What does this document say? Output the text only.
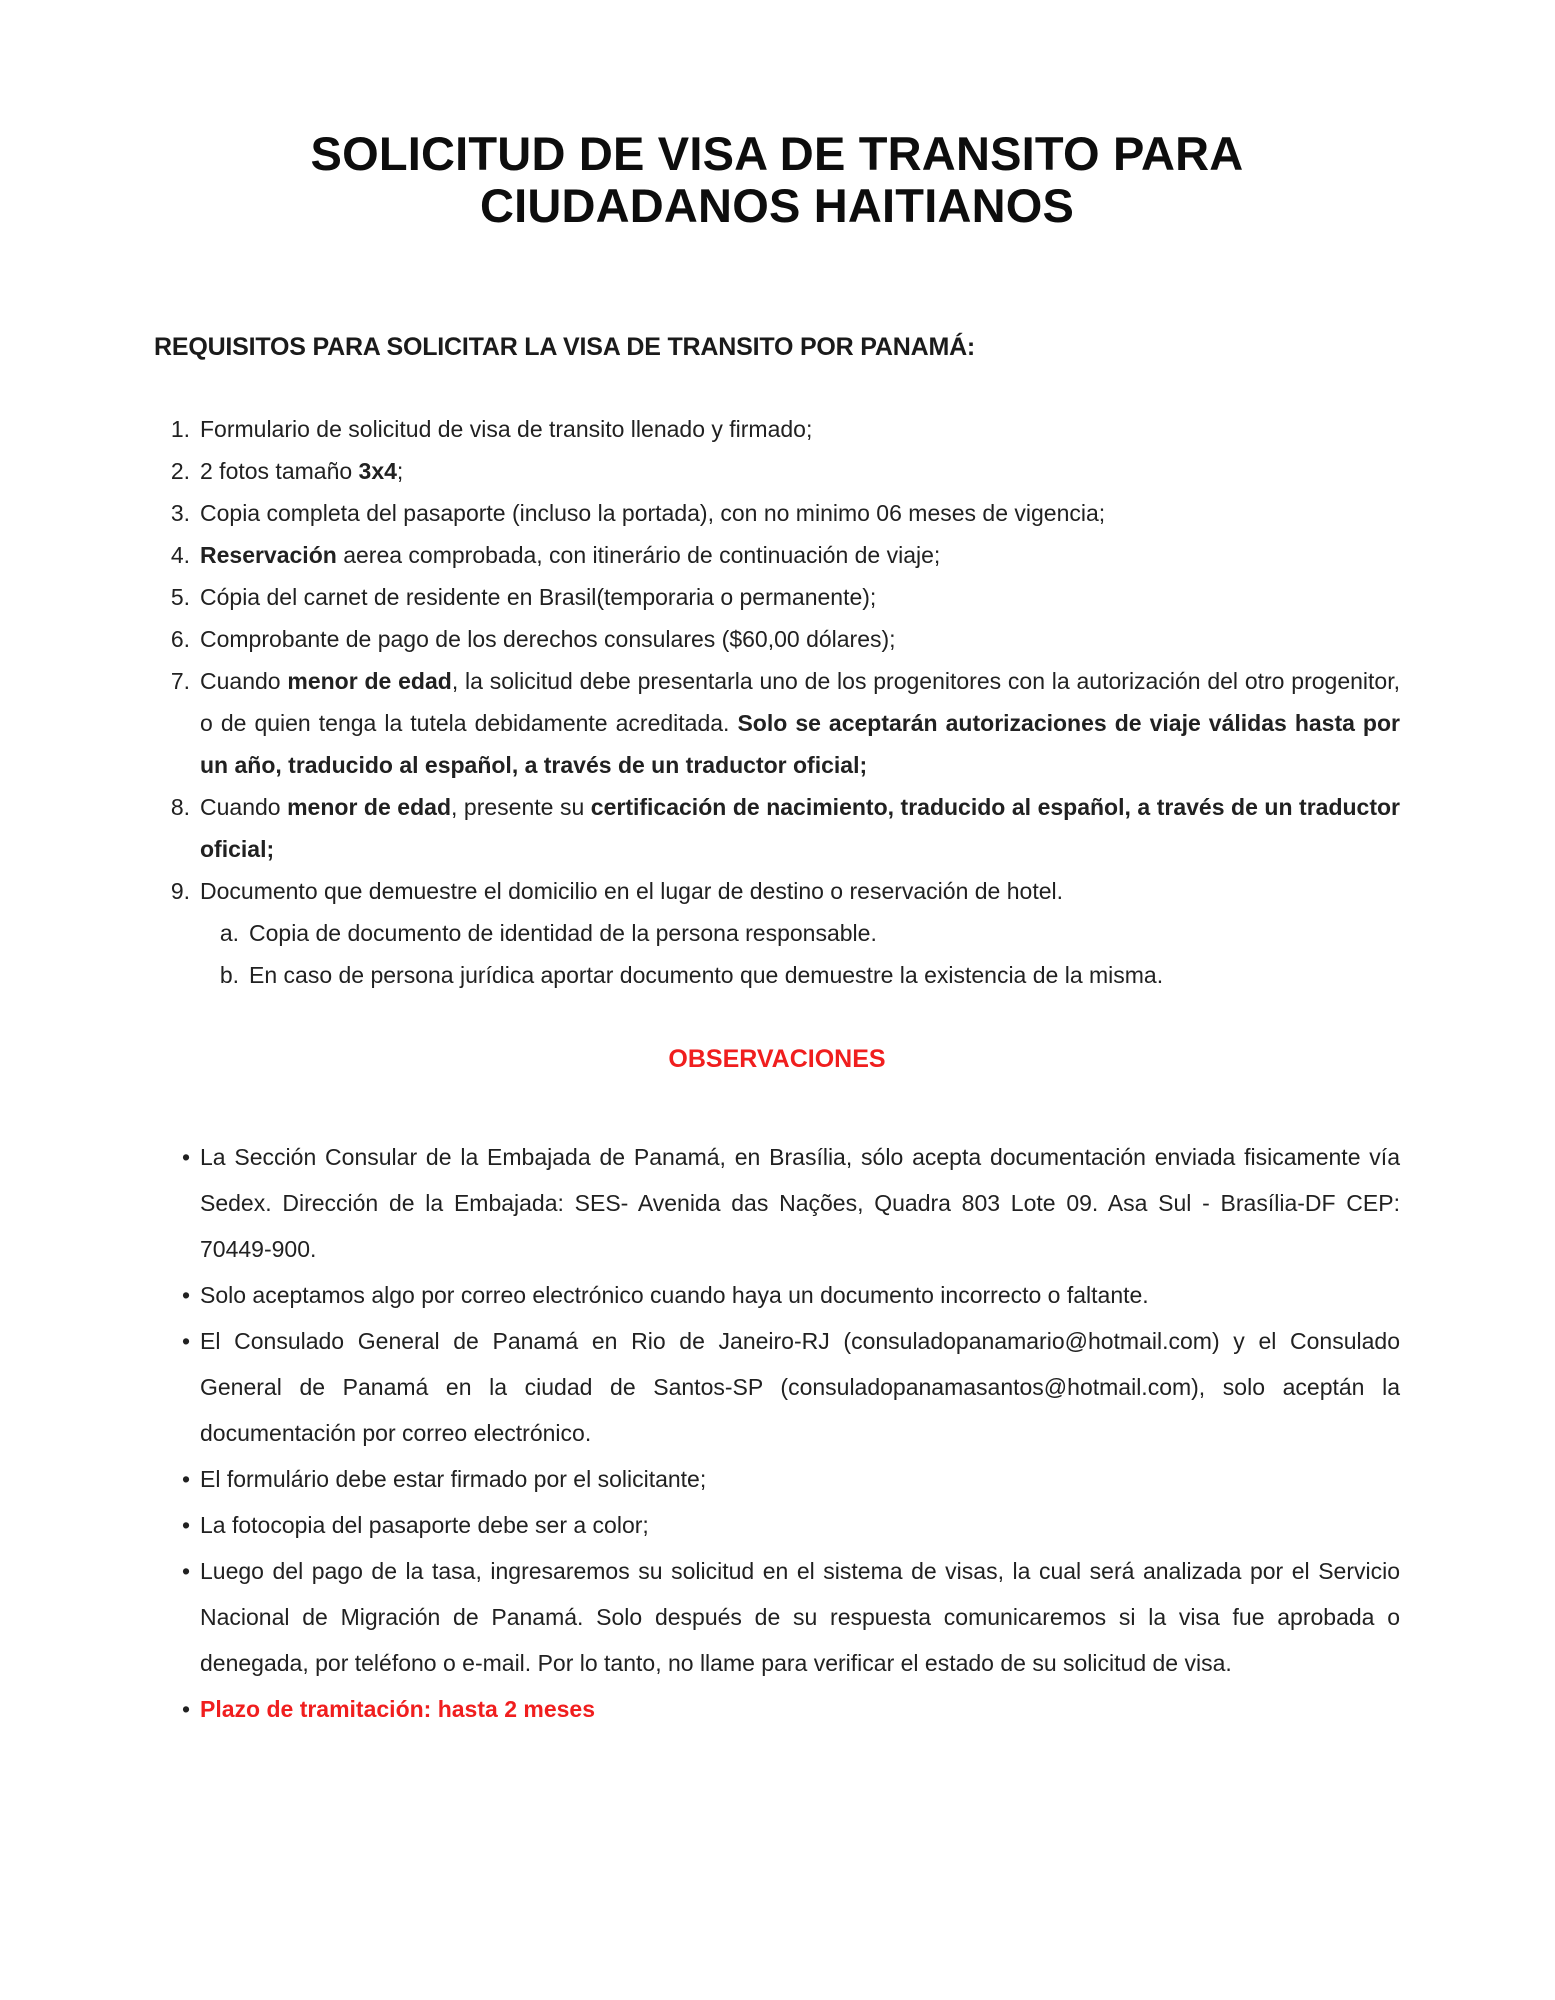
SOLICITUD DE VISA DE TRANSITO PARA
CIUDADANOS HAITIANOS
REQUISITOS PARA SOLICITAR LA VISA DE TRANSITO POR PANAMÁ:
1. Formulario de solicitud de visa de transito llenado y firmado;
2. 2 fotos tamaño 3x4;
3. Copia completa del pasaporte (incluso la portada), con no minimo 06 meses de vigencia;
4. Reservación aerea comprobada, con itinerário de continuación de viaje;
5. Cópia del carnet de residente en Brasil(temporaria o permanente);
6. Comprobante de pago de los derechos consulares ($60,00 dólares);
7. Cuando menor de edad, la solicitud debe presentarla uno de los progenitores con la autorización del otro progenitor, o de quien tenga la tutela debidamente acreditada. Solo se aceptarán autorizaciones de viaje válidas hasta por un año, traducido al español, a través de un traductor oficial;
8. Cuando menor de edad, presente su certificación de nacimiento, traducido al español, a través de un traductor oficial;
9. Documento que demuestre el domicilio en el lugar de destino o reservación de hotel.
a. Copia de documento de identidad de la persona responsable.
b. En caso de persona jurídica aportar documento que demuestre la existencia de la misma.
OBSERVACIONES
• La Sección Consular de la Embajada de Panamá, en Brasília, sólo acepta documentación enviada fisicamente vía Sedex. Dirección de la Embajada: SES- Avenida das Nações, Quadra 803 Lote 09. Asa Sul - Brasília-DF CEP: 70449-900.
• Solo aceptamos algo por correo electrónico cuando haya un documento incorrecto o faltante.
• El Consulado General de Panamá en Rio de Janeiro-RJ (consuladopanamario@hotmail.com) y el Consulado General de Panamá en la ciudad de Santos-SP (consuladopanamasantos@hotmail.com), solo aceptán la documentación por correo electrónico.
• El formulário debe estar firmado por el solicitante;
• La fotocopia del pasaporte debe ser a color;
• Luego del pago de la tasa, ingresaremos su solicitud en el sistema de visas, la cual será analizada por el Servicio Nacional de Migración de Panamá. Solo después de su respuesta comunicaremos si la visa fue aprobada o denegada, por teléfono o e-mail. Por lo tanto, no llame para verificar el estado de su solicitud de visa.
• Plazo de tramitación: hasta 2 meses
